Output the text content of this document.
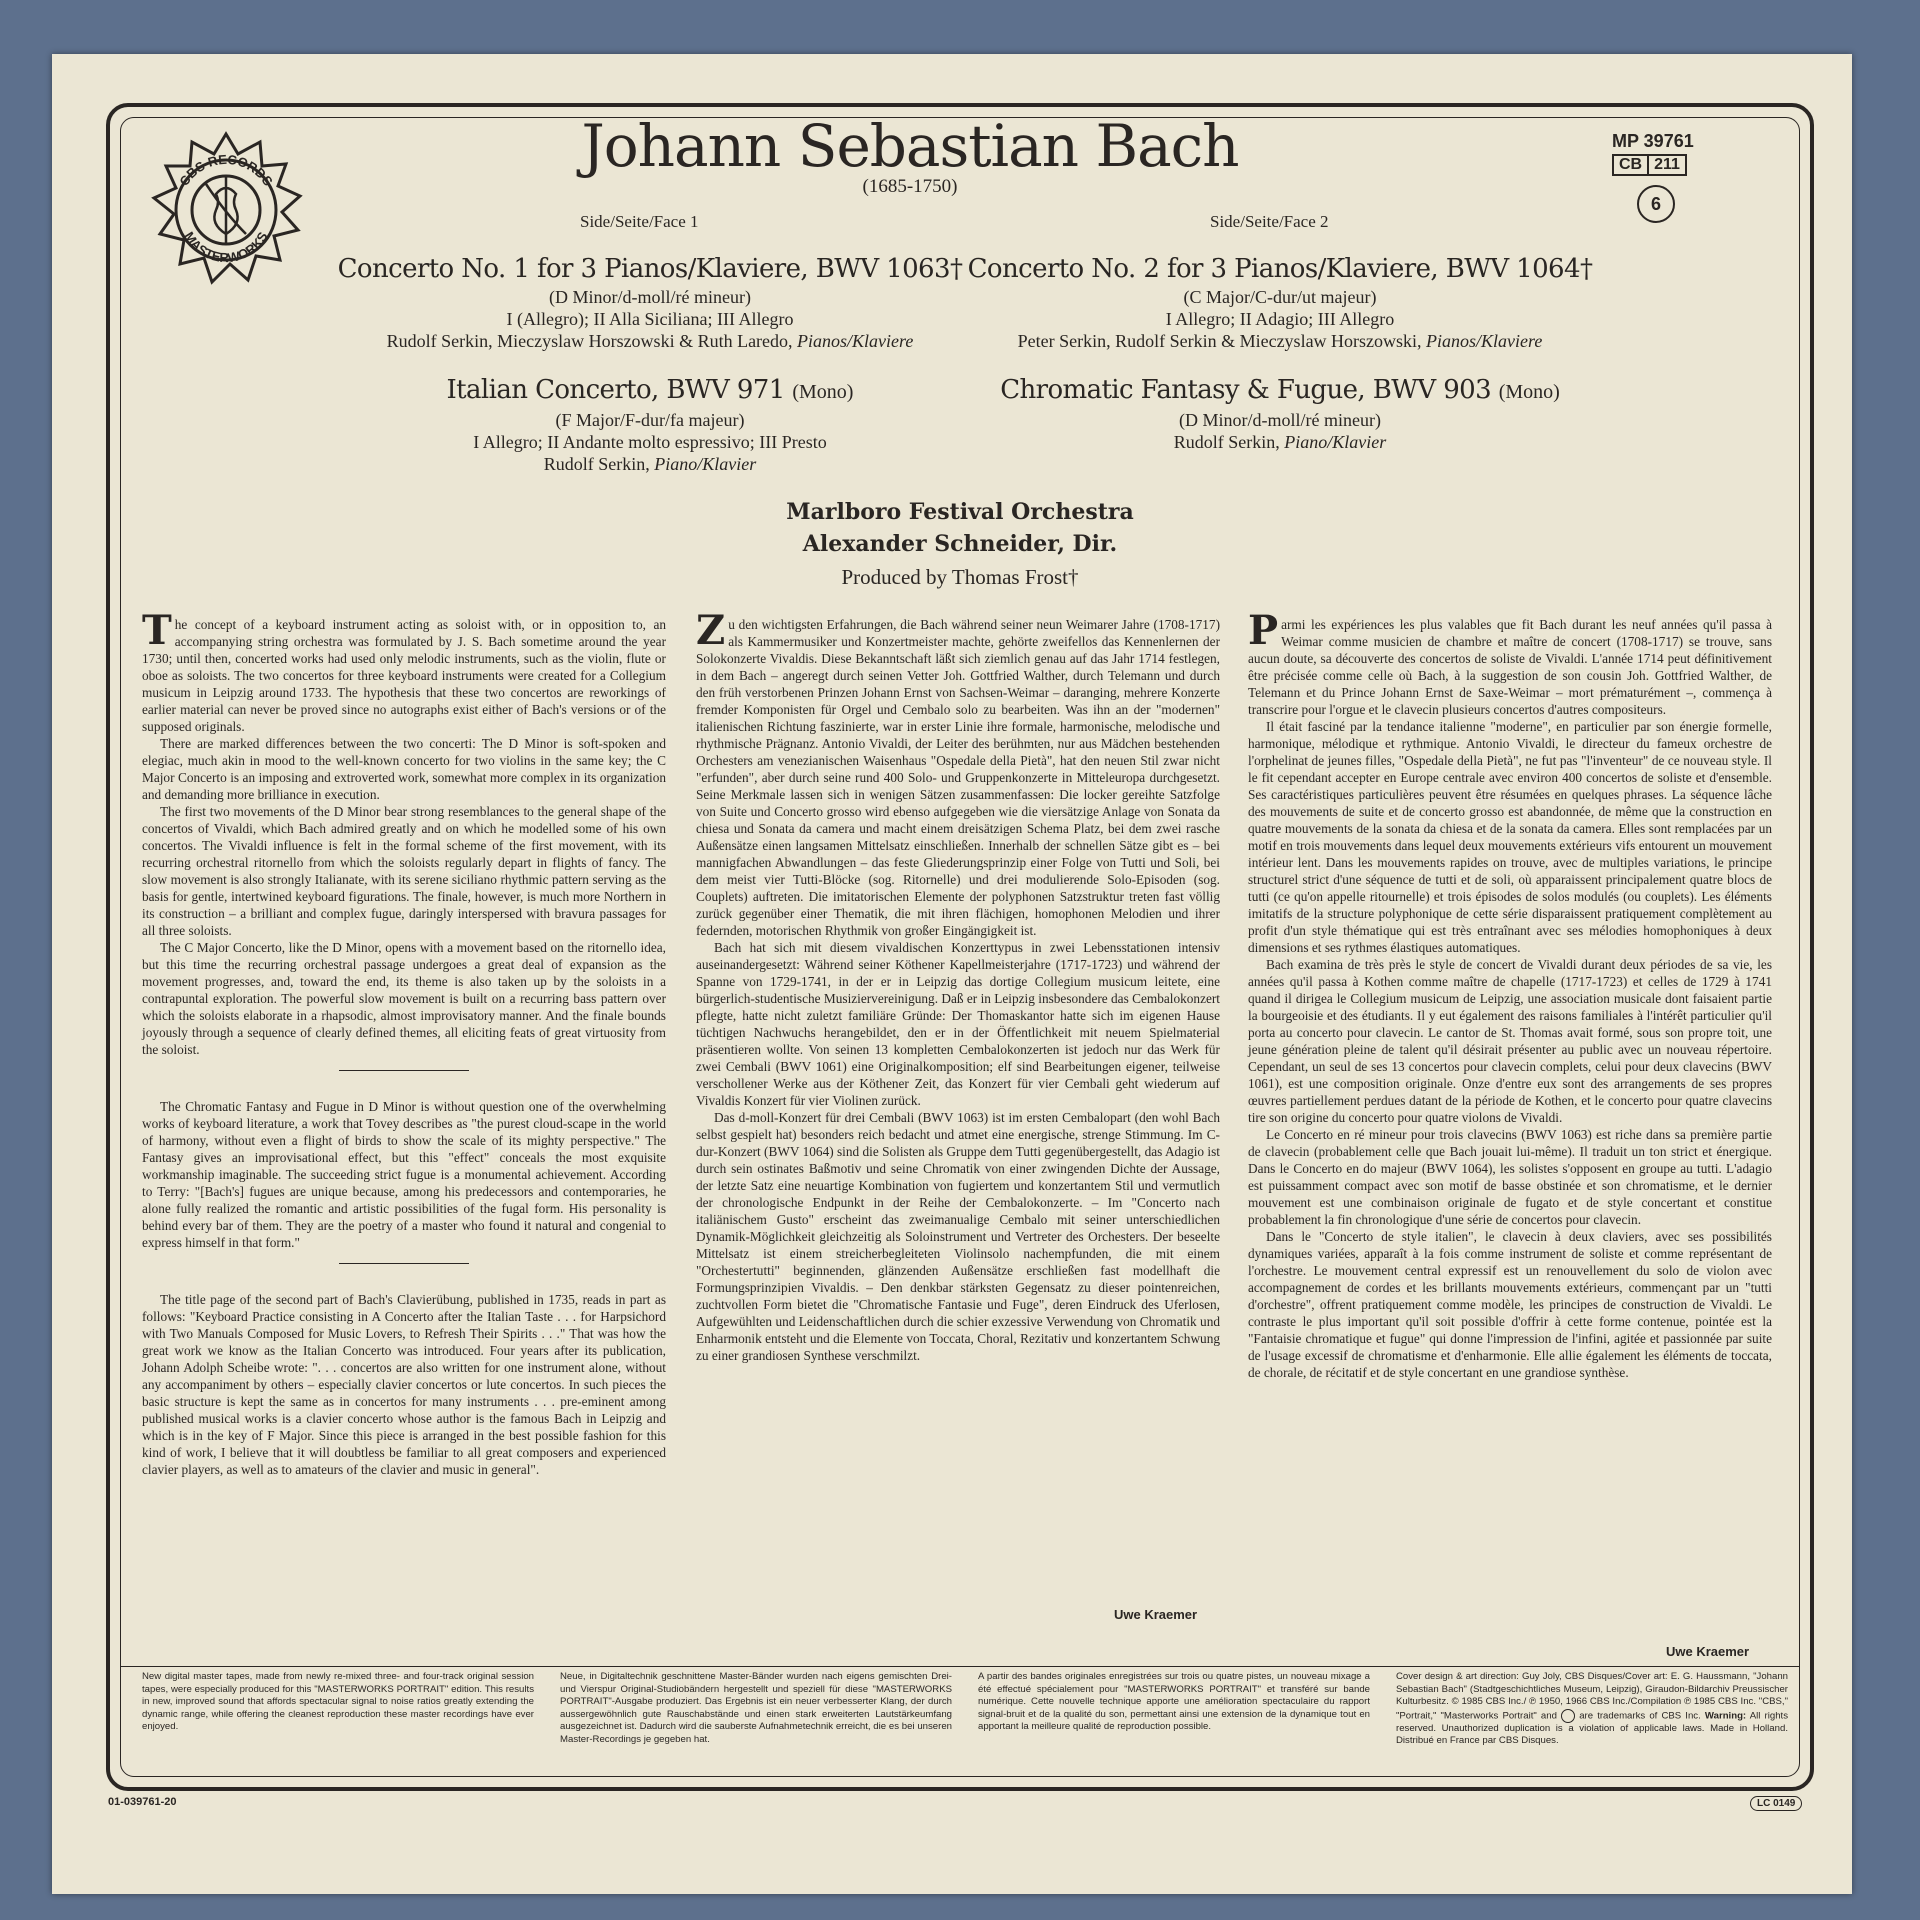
CBS RECORDS
MASTERWORKS
Johann Sebastian Bach
(1685-1750)
MP 39761
CB 211
6
Side/Seite/Face 1	Side/Seite/Face 2
Concerto No. 1 for 3 Pianos/Klaviere, BWV 1063†
(D Minor/d-moll/ré mineur)
I (Allegro); II Alla Siciliana; III Allegro
Rudolf Serkin, Mieczyslaw Horszowski & Ruth Laredo, Pianos/Klaviere
Italian Concerto, BWV 971 (Mono)
(F Major/F-dur/fa majeur)
I Allegro; II Andante molto espressivo; III Presto
Rudolf Serkin, Piano/Klavier
Concerto No. 2 for 3 Pianos/Klaviere, BWV 1064†
(C Major/C-dur/ut majeur)
I Allegro; II Adagio; III Allegro
Peter Serkin, Rudolf Serkin & Mieczyslaw Horszowski, Pianos/Klaviere
Chromatic Fantasy & Fugue, BWV 903 (Mono)
(D Minor/d-moll/ré mineur)
Rudolf Serkin, Piano/Klavier
Marlboro Festival Orchestra
Alexander Schneider, Dir.
Produced by Thomas Frost†

The concept of a keyboard instrument acting as soloist with, or in opposition to, an accompanying string orchestra was formulated by J. S. Bach sometime around the year 1730; until then, concerted works had used only melodic instruments, such as the violin, flute or oboe as soloists. The two concertos for three keyboard instruments were created for a Collegium musicum in Leipzig around 1733. The hypothesis that these two concertos are reworkings of earlier material can never be proved since no autographs exist either of Bach's versions or of the supposed originals.

There are marked differences between the two concerti: The D Minor is soft-spoken and elegiac, much akin in mood to the well-known concerto for two violins in the same key; the C Major Concerto is an imposing and extroverted work, somewhat more complex in its organization and demanding more brilliance in execution.

The first two movements of the D Minor bear strong resemblances to the general shape of the concertos of Vivaldi, which Bach admired greatly and on which he modelled some of his own concertos. The Vivaldi influence is felt in the formal scheme of the first movement, with its recurring orchestral ritornello from which the soloists regularly depart in flights of fancy. The slow movement is also strongly Italianate, with its serene siciliano rhythmic pattern serving as the basis for gentle, intertwined keyboard figurations. The finale, however, is much more Northern in its construction – a brilliant and complex fugue, daringly interspersed with bravura passages for all three soloists.

The C Major Concerto, like the D Minor, opens with a movement based on the ritornello idea, but this time the recurring orchestral passage undergoes a great deal of expansion as the movement progresses, and, toward the end, its theme is also taken up by the soloists in a contrapuntal exploration. The powerful slow movement is built on a recurring bass pattern over which the soloists elaborate in a rhapsodic, almost improvisatory manner. And the finale bounds joyously through a sequence of clearly defined themes, all eliciting feats of great virtuosity from the soloist.

The Chromatic Fantasy and Fugue in D Minor is without question one of the overwhelming works of keyboard literature, a work that Tovey describes as "the purest cloud-scape in the world of harmony, without even a flight of birds to show the scale of its mighty perspective." The Fantasy gives an improvisational effect, but this "effect" conceals the most exquisite workmanship imaginable. The succeeding strict fugue is a monumental achievement. According to Terry: "[Bach's] fugues are unique because, among his predecessors and contemporaries, he alone fully realized the romantic and artistic possibilities of the fugal form. His personality is behind every bar of them. They are the poetry of a master who found it natural and congenial to express himself in that form."

The title page of the second part of Bach's Clavierübung, published in 1735, reads in part as follows: "Keyboard Practice consisting in A Concerto after the Italian Taste . . . for Harpsichord with Two Manuals Composed for Music Lovers, to Refresh Their Spirits . . ." That was how the great work we know as the Italian Concerto was introduced. Four years after its publication, Johann Adolph Scheibe wrote: ". . . concertos are also written for one instrument alone, without any accompaniment by others – especially clavier concertos or lute concertos. In such pieces the basic structure is kept the same as in concertos for many instruments . . . pre-eminent among published musical works is a clavier concerto whose author is the famous Bach in Leipzig and which is in the key of F Major. Since this piece is arranged in the best possible fashion for this kind of work, I believe that it will doubtless be familiar to all great composers and experienced clavier players, as well as to amateurs of the clavier and music in general".

Zu den wichtigsten Erfahrungen, die Bach während seiner neun Weimarer Jahre (1708-1717) als Kammermusiker und Konzertmeister machte, gehörte zweifellos das Kennenlernen der Solokonzerte Vivaldis. Diese Bekanntschaft läßt sich ziemlich genau auf das Jahr 1714 festlegen, in dem Bach – angeregt durch seinen Vetter Joh. Gottfried Walther, durch Telemann und durch den früh verstorbenen Prinzen Johann Ernst von Sachsen-Weimar – daranging, mehrere Konzerte fremder Komponisten für Orgel und Cembalo solo zu bearbeiten. Was ihn an der "modernen" italienischen Richtung faszinierte, war in erster Linie ihre formale, harmonische, melodische und rhythmische Prägnanz. Antonio Vivaldi, der Leiter des berühmten, nur aus Mädchen bestehenden Orchesters am venezianischen Waisenhaus "Ospedale della Pietà", hat den neuen Stil zwar nicht "erfunden", aber durch seine rund 400 Solo- und Gruppenkonzerte in Mitteleuropa durchgesetzt. Seine Merkmale lassen sich in wenigen Sätzen zusammenfassen: Die locker gereihte Satzfolge von Suite und Concerto grosso wird ebenso aufgegeben wie die viersätzige Anlage von Sonata da chiesa und Sonata da camera und macht einem dreisätzigen Schema Platz, bei dem zwei rasche Außensätze einen langsamen Mittelsatz einschließen. Innerhalb der schnellen Sätze gibt es – bei mannigfachen Abwandlungen – das feste Gliederungsprinzip einer Folge von Tutti und Soli, bei dem meist vier Tutti-Blöcke (sog. Ritornelle) und drei modulierende Solo-Episoden (sog. Couplets) auftreten. Die imitatorischen Elemente der polyphonen Satzstruktur treten fast völlig zurück gegenüber einer Thematik, die mit ihren flächigen, homophonen Melodien und ihrer federnden, motorischen Rhythmik von großer Eingängigkeit ist.

Bach hat sich mit diesem vivaldischen Konzerttypus in zwei Lebensstationen intensiv auseinandergesetzt: Während seiner Köthener Kapellmeisterjahre (1717-1723) und während der Spanne von 1729-1741, in der er in Leipzig das dortige Collegium musicum leitete, eine bürgerlich-studentische Musiziervereinigung. Daß er in Leipzig insbesondere das Cembalokonzert pflegte, hatte nicht zuletzt familiäre Gründe: Der Thomaskantor hatte sich im eigenen Hause tüchtigen Nachwuchs herangebildet, den er in der Öffentlichkeit mit neuem Spielmaterial präsentieren wollte. Von seinen 13 kompletten Cembalokonzerten ist jedoch nur das Werk für zwei Cembali (BWV 1061) eine Originalkomposition; elf sind Bearbeitungen eigener, teilweise verschollener Werke aus der Köthener Zeit, das Konzert für vier Cembali geht wiederum auf Vivaldis Konzert für vier Violinen zurück.

Das d-moll-Konzert für drei Cembali (BWV 1063) ist im ersten Cembalopart (den wohl Bach selbst gespielt hat) besonders reich bedacht und atmet eine energische, strenge Stimmung. Im C-dur-Konzert (BWV 1064) sind die Solisten als Gruppe dem Tutti gegenübergestellt, das Adagio ist durch sein ostinates Baßmotiv und seine Chromatik von einer zwingenden Dichte der Aussage, der letzte Satz eine neuartige Kombination von fugiertem und konzertantem Stil und vermutlich der chronologische Endpunkt in der Reihe der Cembalokonzerte. – Im "Concerto nach italiänischem Gusto" erscheint das zweimanualige Cembalo mit seiner unterschiedlichen Dynamik-Möglichkeit gleichzeitig als Soloinstrument und Vertreter des Orchesters. Der beseelte Mittelsatz ist einem streicherbegleiteten Violinsolo nachempfunden, die mit einem "Orchestertutti" beginnenden, glänzenden Außensätze erschließen fast modellhaft die Formungsprinzipien Vivaldis. – Den denkbar stärksten Gegensatz zu dieser pointenreichen, zuchtvollen Form bietet die "Chromatische Fantasie und Fuge", deren Eindruck des Uferlosen, Aufgewühlten und Leidenschaftlichen durch die schier exzessive Verwendung von Chromatik und Enharmonik entsteht und die Elemente von Toccata, Choral, Rezitativ und konzertantem Schwung zu einer grandiosen Synthese verschmilzt.

Uwe Kraemer

Parmi les expériences les plus valables que fit Bach durant les neuf années qu'il passa à Weimar comme musicien de chambre et maître de concert (1708-1717) se trouve, sans aucun doute, sa découverte des concertos de soliste de Vivaldi. L'année 1714 peut définitivement être précisée comme celle où Bach, à la suggestion de son cousin Joh. Gottfried Walther, de Telemann et du Prince Johann Ernst de Saxe-Weimar – mort prématurément –, commença à transcrire pour l'orgue et le clavecin plusieurs concertos d'autres compositeurs.

Il était fasciné par la tendance italienne "moderne", en particulier par son énergie formelle, harmonique, mélodique et rythmique. Antonio Vivaldi, le directeur du fameux orchestre de l'orphelinat de jeunes filles, "Ospedale della Pietà", ne fut pas "l'inventeur" de ce nouveau style. Il le fit cependant accepter en Europe centrale avec environ 400 concertos de soliste et d'ensemble. Ses caractéristiques particulières peuvent être résumées en quelques phrases. La séquence lâche des mouvements de suite et de concerto grosso est abandonnée, de même que la construction en quatre mouvements de la sonata da chiesa et de la sonata da camera. Elles sont remplacées par un motif en trois mouvements dans lequel deux mouvements extérieurs vifs entourent un mouvement intérieur lent. Dans les mouvements rapides on trouve, avec de multiples variations, le principe structurel strict d'une séquence de tutti et de soli, où apparaissent principalement quatre blocs de tutti (ce qu'on appelle ritournelle) et trois épisodes de solos modulés (ou couplets). Les éléments imitatifs de la structure polyphonique de cette série disparaissent pratiquement complètement au profit d'un style thématique qui est très entraînant avec ses mélodies homophoniques à deux dimensions et ses rythmes élastiques automatiques.

Bach examina de très près le style de concert de Vivaldi durant deux périodes de sa vie, les années qu'il passa à Kothen comme maître de chapelle (1717-1723) et celles de 1729 à 1741 quand il dirigea le Collegium musicum de Leipzig, une association musicale dont faisaient partie la bourgeoisie et des étudiants. Il y eut également des raisons familiales à l'intérêt particulier qu'il porta au concerto pour clavecin. Le cantor de St. Thomas avait formé, sous son propre toit, une jeune génération pleine de talent qu'il désirait présenter au public avec un nouveau répertoire. Cependant, un seul de ses 13 concertos pour clavecin complets, celui pour deux clavecins (BWV 1061), est une composition originale. Onze d'entre eux sont des arrangements de ses propres œuvres partiellement perdues datant de la période de Kothen, et le concerto pour quatre clavecins tire son origine du concerto pour quatre violons de Vivaldi.

Le Concerto en ré mineur pour trois clavecins (BWV 1063) est riche dans sa première partie de clavecin (probablement celle que Bach jouait lui-même). Il traduit un ton strict et énergique. Dans le Concerto en do majeur (BWV 1064), les solistes s'opposent en groupe au tutti. L'adagio est puissamment compact avec son motif de basse obstinée et son chromatisme, et le dernier mouvement est une combinaison originale de fugato et de style concertant et constitue probablement la fin chronologique d'une série de concertos pour clavecin.

Dans le "Concerto de style italien", le clavecin à deux claviers, avec ses possibilités dynamiques variées, apparaît à la fois comme instrument de soliste et comme représentant de l'orchestre. Le mouvement central expressif est un renouvellement du solo de violon avec accompagnement de cordes et les brillants mouvements extérieurs, commençant par un "tutti d'orchestre", offrent pratiquement comme modèle, les principes de construction de Vivaldi. Le contraste le plus important qu'il soit possible d'offrir à cette forme contenue, pointée est la "Fantaisie chromatique et fugue" qui donne l'impression de l'infini, agitée et passionnée par suite de l'usage excessif de chromatisme et d'enharmonie. Elle allie également les éléments de toccata, de chorale, de récitatif et de style concertant en une grandiose synthèse.

Uwe Kraemer
New digital master tapes, made from newly re-mixed three- and four-track original session tapes, were especially produced for this "MASTERWORKS PORTRAIT" edition. This results in new, improved sound that affords spectacular signal to noise ratios greatly extending the dynamic range, while offering the cleanest reproduction these master recordings have ever enjoyed.
Neue, in Digitaltechnik geschnittene Master-Bänder wurden nach eigens gemischten Drei- und Vierspur Original-Studiobändern hergestellt und speziell für diese "MASTERWORKS PORTRAIT"-Ausgabe produziert. Das Ergebnis ist ein neuer verbesserter Klang, der durch aussergewöhnlich gute Rauschabstände und einen stark erweiterten Lautstärkeumfang ausgezeichnet ist. Dadurch wird die sauberste Aufnahmetechnik erreicht, die es bei unseren Master-Recordings je gegeben hat.
A partir des bandes originales enregistrées sur trois ou quatre pistes, un nouveau mixage a été effectué spécialement pour "MASTERWORKS PORTRAIT" et transféré sur bande numérique. Cette nouvelle technique apporte une amélioration spectaculaire du rapport signal-bruit et de la qualité du son, permettant ainsi une extension de la dynamique tout en apportant la meilleure qualité de reproduction possible.
Cover design & art direction: Guy Joly, CBS Disques/Cover art: E. G. Haussmann, "Johann Sebastian Bach" (Stadtgeschichtliches Museum, Leipzig), Giraudon-Bildarchiv Preussischer Kulturbesitz. © 1985 CBS Inc./ ℗ 1950, 1966 CBS Inc./Compilation ℗ 1985 CBS Inc. "CBS," "Portrait," "Masterworks Portrait" and are trademarks of CBS Inc. Warning: All rights reserved. Unauthorized duplication is a violation of applicable laws. Made in Holland. Distribué en France par CBS Disques.
01-039761-20	LC 0149
